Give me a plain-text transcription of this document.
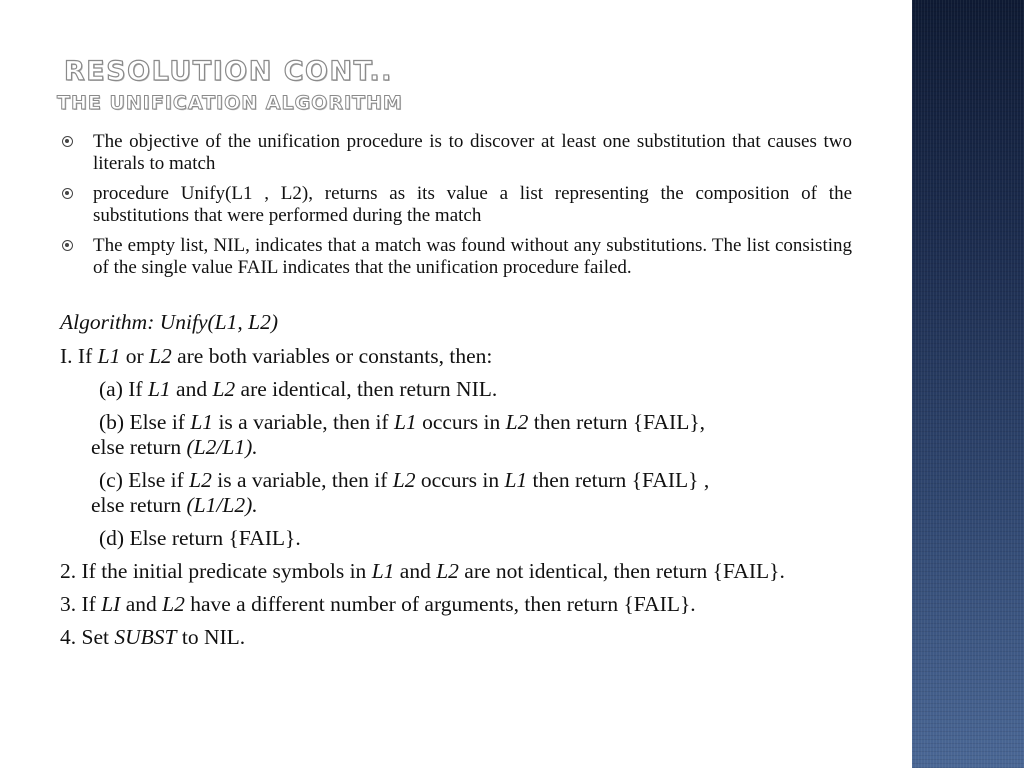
RESOLUTION CONT..
THE UNIFICATION ALGORITHM
The objective of the unification procedure is to discover at least one substitution that causes two literals to match
procedure Unify(L1 , L2), returns as its value a list representing the composition of the substitutions that were performed during the match
The empty list, NIL, indicates that a match was found without any substitutions. The list consisting of the single value FAIL indicates that the unification procedure failed.

Algorithm: Unify(L1, L2)

I. If L1 or L2 are both variables or constants, then:

(a) If L1 and L2 are identical, then return NIL.

(b) Else if L1 is a variable, then if L1 occurs in L2 then return {FAIL},
else return (L2/L1).

(c) Else if L2 is a variable, then if L2 occurs in L1 then return {FAIL} ,
else return (L1/L2).

(d) Else return {FAIL}.

2. If the initial predicate symbols in L1 and L2 are not identical, then return {FAIL}.

3. If LI and L2 have a different number of arguments, then return {FAIL}.

4. Set SUBST to NIL.
